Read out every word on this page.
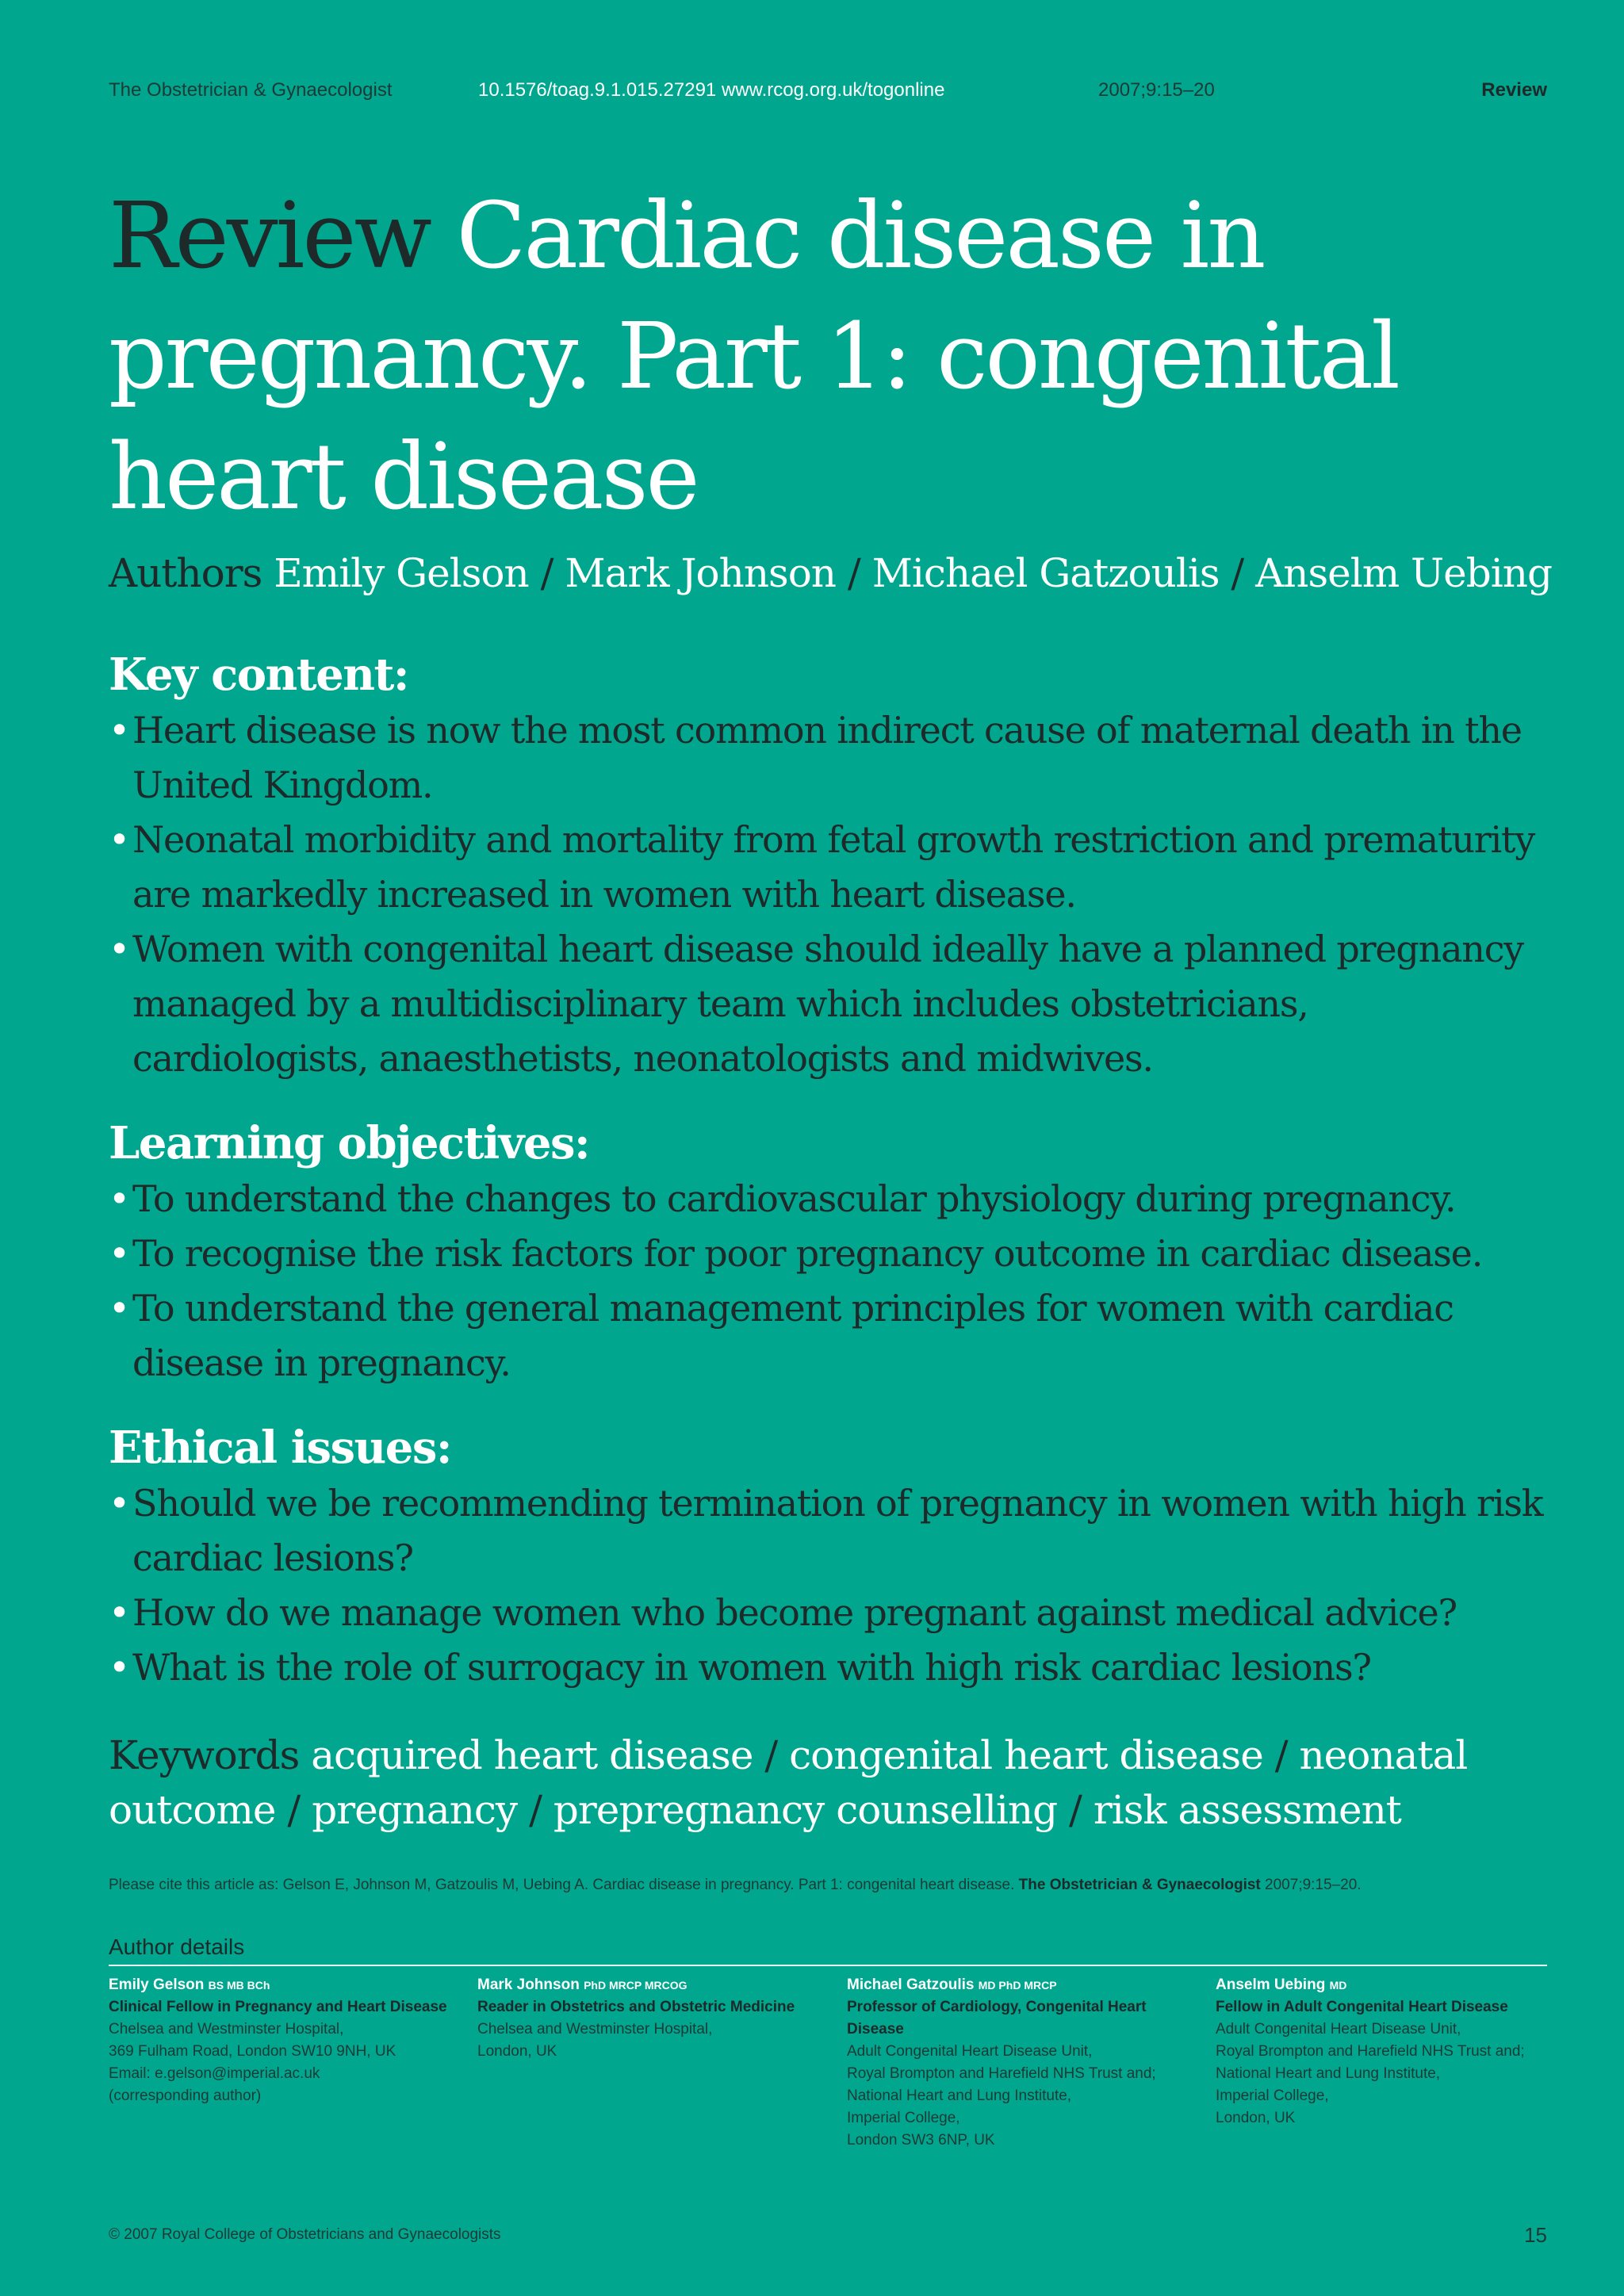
The Obstetrician & Gynaecologist	10.1576/toag.9.1.015.27291 www.rcog.org.uk/togonline	2007;9:15–20	Review
Review Cardiac disease in
pregnancy. Part 1: congenital
heart disease
Authors Emily Gelson / Mark Johnson / Michael Gatzoulis / Anselm Uebing
Key content:
• Heart disease is now the most common indirect cause of maternal death in the United Kingdom.
• Neonatal morbidity and mortality from fetal growth restriction and prematurity are markedly increased in women with heart disease.
• Women with congenital heart disease should ideally have a planned pregnancy managed by a multidisciplinary team which includes obstetricians, cardiologists, anaesthetists, neonatologists and midwives.
Learning objectives:
• To understand the changes to cardiovascular physiology during pregnancy.
• To recognise the risk factors for poor pregnancy outcome in cardiac disease.
• To understand the general management principles for women with cardiac disease in pregnancy.
Ethical issues:
• Should we be recommending termination of pregnancy in women with high risk cardiac lesions?
• How do we manage women who become pregnant against medical advice?
• What is the role of surrogacy in women with high risk cardiac lesions?
Keywords acquired heart disease / congenital heart disease / neonatal outcome / pregnancy / prepregnancy counselling / risk assessment
Please cite this article as: Gelson E, Johnson M, Gatzoulis M, Uebing A. Cardiac disease in pregnancy. Part 1: congenital heart disease. The Obstetrician & Gynaecologist 2007;9:15–20.
Author details
Emily Gelson BS MB BCh
Clinical Fellow in Pregnancy and Heart Disease
Chelsea and Westminster Hospital,
369 Fulham Road, London SW10 9NH, UK
Email: e.gelson@imperial.ac.uk
(corresponding author)
Mark Johnson PhD MRCP MRCOG
Reader in Obstetrics and Obstetric Medicine
Chelsea and Westminster Hospital,
London, UK
Michael Gatzoulis MD PhD MRCP
Professor of Cardiology, Congenital Heart Disease
Adult Congenital Heart Disease Unit,
Royal Brompton and Harefield NHS Trust and;
National Heart and Lung Institute,
Imperial College,
London SW3 6NP, UK
Anselm Uebing MD
Fellow in Adult Congenital Heart Disease
Adult Congenital Heart Disease Unit,
Royal Brompton and Harefield NHS Trust and;
National Heart and Lung Institute,
Imperial College,
London, UK
© 2007 Royal College of Obstetricians and Gynaecologists	15
